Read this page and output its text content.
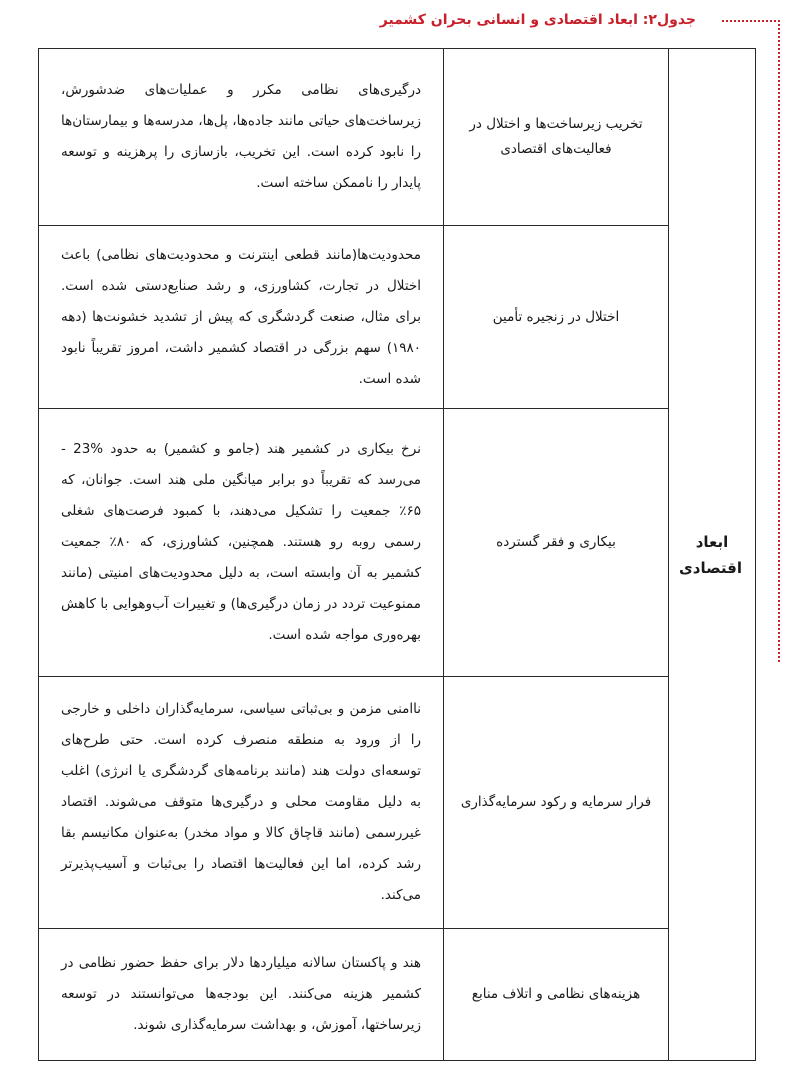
جدول۲: ابعاد اقتصادی و انسانی بحران کشمیر
ابعاد اقتصادی	تخریب زیرساخت‌ها و اختلال در فعالیت‌های اقتصادی	درگیری‌های نظامی مکرر و عملیات‌های ضدشورش، زیرساخت‌های حیاتی مانند جاده‌ها، پل‌ها، مدرسه‌ها و بیمارستان‌ها را نابود کرده است. این تخریب، بازسازی را پرهزینه و توسعه پایدار را ناممکن ساخته است.
	اختلال در زنجیره تأمین	محدودیت‌ها(مانند قطعی اینترنت و محدودیت‌های نظامی) باعث اختلال در تجارت، کشاورزی، و رشد صنایع‌دستی شده است. برای مثال، صنعت گردشگری که پیش از تشدید خشونت‌ها (دهه ۱۹۸۰) سهم بزرگی در اقتصاد کشمیر داشت، امروز تقریباً نابود شده است.
	بیکاری و فقر گسترده	نرخ بیکاری در کشمیر هند (جامو و کشمیر) به حدود %23 - می‌رسد که تقریباً دو برابر میانگین ملی هند است. جوانان، که ۶۵٪ جمعیت را تشکیل می‌دهند، با کمبود فرصت‌های شغلی رسمی روبه رو هستند. همچنین، کشاورزی، که ۸۰٪ جمعیت کشمیر به آن وابسته است، به دلیل محدودیت‌های امنیتی (مانند ممنوعیت تردد در زمان درگیری‌ها) و تغییرات آب‌وهوایی با کاهش بهره‌وری مواجه شده است.
	فرار سرمایه و رکود سرمایه‌گذاری	ناامنی مزمن و بی‌ثباتی سیاسی، سرمایه‌گذاران داخلی و خارجی را از ورود به منطقه منصرف کرده است. حتی طرح‌های توسعه‌ای دولت هند (مانند برنامه‌های گردشگری یا انرژی) اغلب به دلیل مقاومت محلی و درگیری‌ها متوقف می‌شوند. اقتصاد غیررسمی (مانند قاچاق کالا و مواد مخدر) به‌عنوان مکانیسم بقا رشد کرده، اما این فعالیت‌ها اقتصاد را بی‌ثبات و آسیب‌پذیرتر می‌کند.
	هزینه‌های نظامی و اتلاف منابع	هند و پاکستان سالانه میلیاردها دلار برای حفظ حضور نظامی در کشمیر هزینه می‌کنند. این بودجه‌ها می‌توانستند در توسعه زیرساختها، آموزش، و بهداشت سرمایه‌گذاری شوند.
